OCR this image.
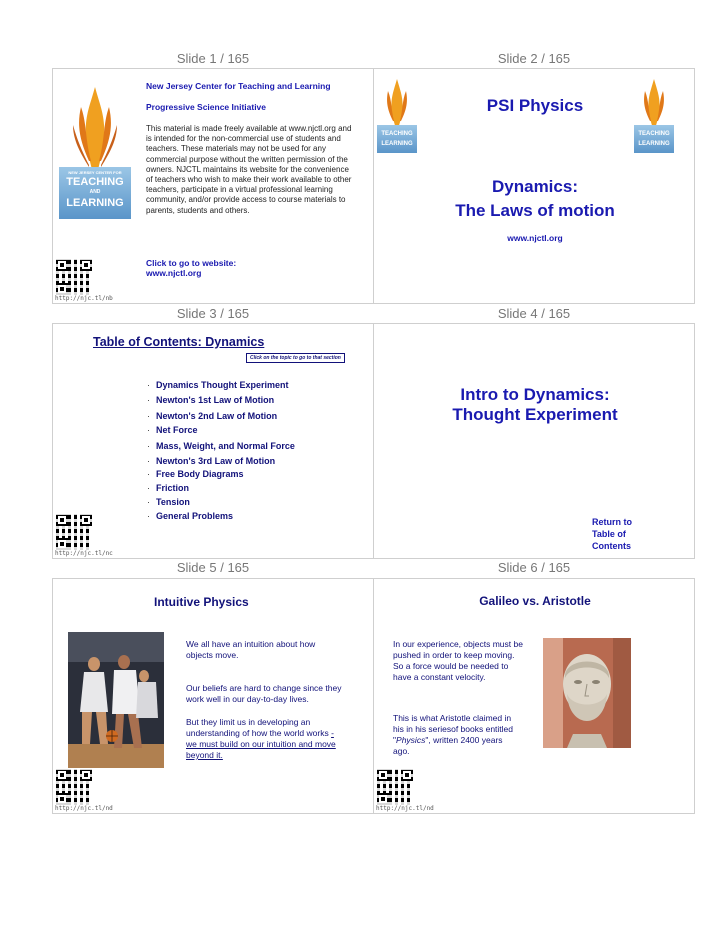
Slide 1 / 165	Slide 2 / 165
Slide 3 / 165	Slide 4 / 165
Slide 5 / 165	Slide 6 / 165
NEW JERSEY CENTER FOR
TEACHING
AND
LEARNING
New Jersey Center for Teaching and Learning
Progressive Science Initiative
This material is made freely available at www.njctl.org and is intended for the non-commercial use of students and teachers. These materials may not be used for any commercial purpose without the written permission of the owners. NJCTL maintains its website for the convenience of teachers who wish to make their work available to other teachers, participate in a virtual professional learning community, and/or provide access to course materials to parents, students and others.
Click to go to website:
www.njctl.org
http://njc.tl/nb
TEACHING
LEARNING
TEACHING
LEARNING
PSI Physics
Dynamics:
The Laws of motion
www.njctl.org
Table of Contents: Dynamics
Click on the topic to go to that section
· Dynamics Thought Experiment
· Newton's 1st Law of Motion
· Newton's 2nd Law of Motion
· Net Force
· Mass, Weight, and Normal Force
· Newton's 3rd Law of Motion
· Free Body Diagrams
· Friction
· Tension
· General Problems
http://njc.tl/nc
Intro to Dynamics:
Thought Experiment
Return to
Table of
Contents
Intuitive Physics
We all have an intuition about how objects move.
Our beliefs are hard to change since they work well in our day-to-day lives.
But they limit us in developing an understanding of how the world works - we must build on our intuition and move beyond it.
http://njc.tl/nd
Galileo vs. Aristotle
In our experience, objects must be pushed in order to keep moving. So a force would be needed to have a constant velocity.
This is what Aristotle claimed in his in his seriesof books entitled "Physics", written 2400 years ago.
http://njc.tl/nd
